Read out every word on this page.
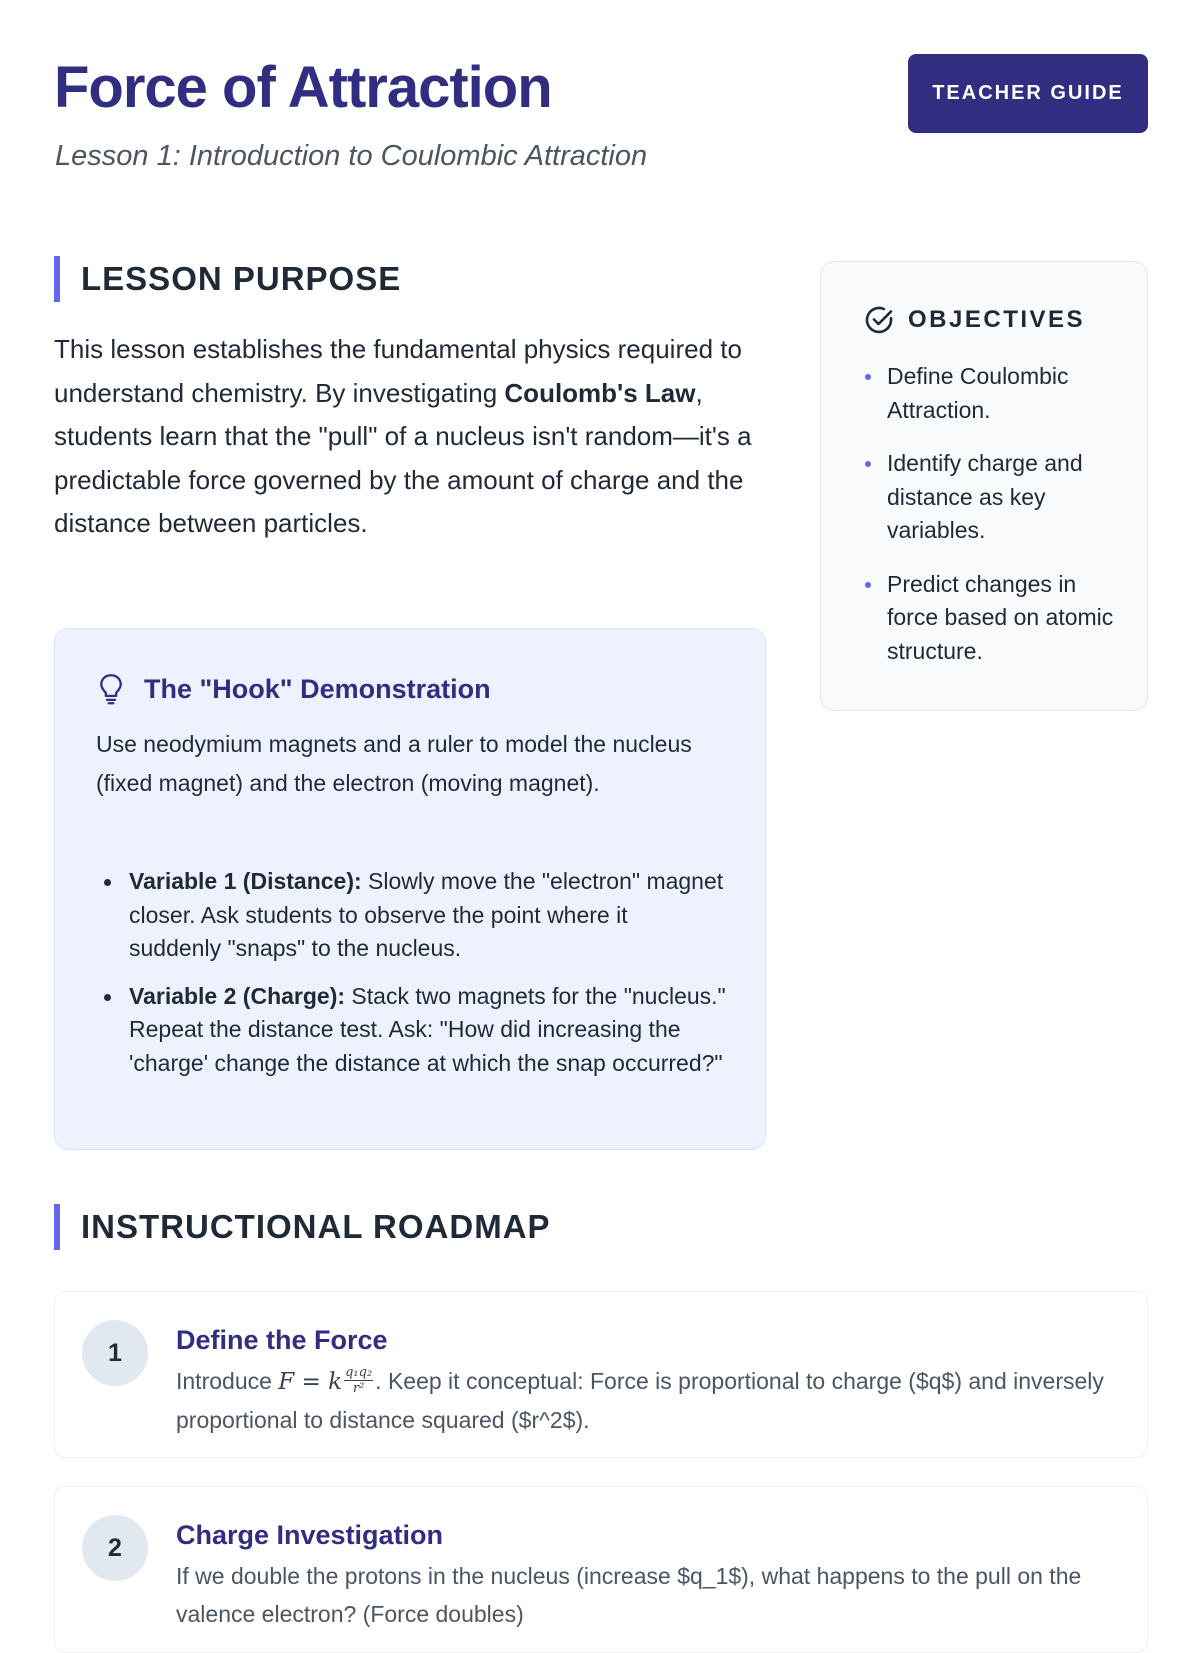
Force of Attraction

Lesson 1: Introduction to Coulombic Attraction

TEACHER GUIDE
LESSON PURPOSE

This lesson establishes the fundamental physics required to understand chemistry. By investigating Coulomb's Law, students learn that the "pull" of a nucleus isn't random—it's a predictable force governed by the amount of charge and the distance between particles.

The "Hook" Demonstration

Use neodymium magnets and a ruler to model the nucleus (fixed magnet) and the electron (moving magnet).

Variable 1 (Distance): Slowly move the "electron" magnet closer. Ask students to observe the point where it suddenly "snaps" to the nucleus.
Variable 2 (Charge): Stack two magnets for the "nucleus." Repeat the distance test. Ask: "How did increasing the 'charge' change the distance at which the snap occurred?"
OBJECTIVES
Define Coulombic Attraction.
Identify charge and distance as key variables.
Predict changes in force based on atomic structure.
INSTRUCTIONAL ROADMAP
1	Define the Force

Introduce F = k $\frac{\text{q₁q₂}}{\text{r²}}$ . Keep it conceptual: Force is proportional to charge ($q$) and inversely proportional to distance squared ($r^2$).

2	Charge Investigation

If we double the protons in the nucleus (increase $q_1$), what happens to the pull on the valence electron? (Force doubles)
